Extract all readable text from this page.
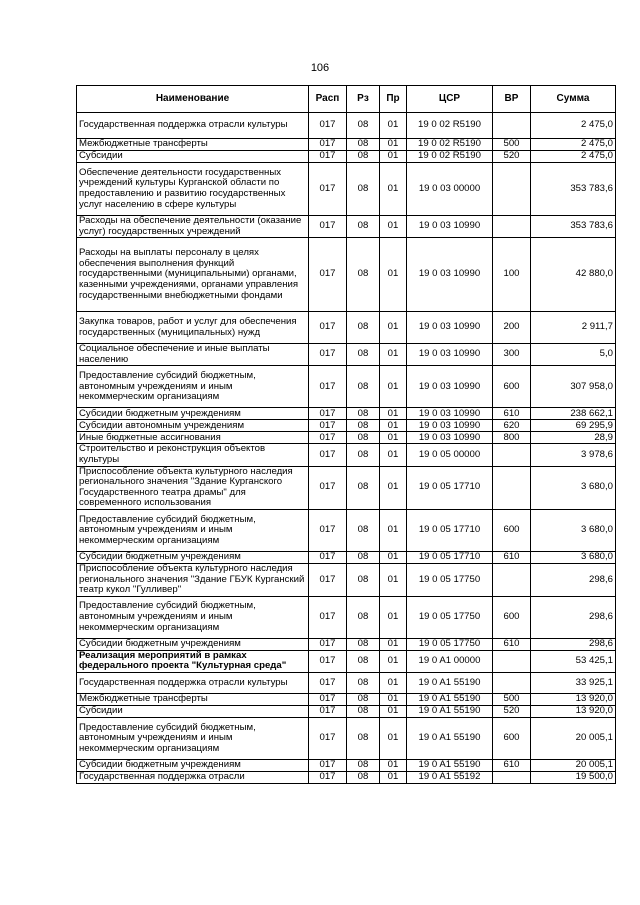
106
Наименование	Расп	Рз	Пр	ЦСР	ВР	Сумма
Государственная поддержка отрасли культуры	017	08	01	19 0 02 R5190		2 475,0
Межбюджетные трансферты	017	08	01	19 0 02 R5190	500	2 475,0
Субсидии	017	08	01	19 0 02 R5190	520	2 475,0
Обеспечение деятельности государственных учреждений культуры Курганской области по предоставлению и развитию государственных услуг населению в сфере культуры	017	08	01	19 0 03 00000		353 783,6
Расходы на обеспечение деятельности (оказание услуг) государственных учреждений	017	08	01	19 0 03 10990		353 783,6
Расходы на выплаты персоналу в целях обеспечения выполнения функций государственными (муниципальными) органами, казенными учреждениями, органами управления государственными внебюджетными фондами	017	08	01	19 0 03 10990	100	42 880,0
Закупка товаров, работ и услуг для обеспечения государственных (муниципальных) нужд	017	08	01	19 0 03 10990	200	2 911,7
Социальное обеспечение и иные выплаты населению	017	08	01	19 0 03 10990	300	5,0
Предоставление субсидий бюджетным, автономным учреждениям и иным некоммерческим организациям	017	08	01	19 0 03 10990	600	307 958,0
Субсидии бюджетным учреждениям	017	08	01	19 0 03 10990	610	238 662,1
Субсидии автономным учреждениям	017	08	01	19 0 03 10990	620	69 295,9
Иные бюджетные ассигнования	017	08	01	19 0 03 10990	800	28,9
Строительство и реконструкция объектов культуры	017	08	01	19 0 05 00000		3 978,6
Приспособление объекта культурного наследия регионального значения "Здание Курганского Государственного театра драмы" для современного использования	017	08	01	19 0 05 17710		3 680,0
Предоставление субсидий бюджетным, автономным учреждениям и иным некоммерческим организациям	017	08	01	19 0 05 17710	600	3 680,0
Субсидии бюджетным учреждениям	017	08	01	19 0 05 17710	610	3 680,0
Приспособление объекта культурного наследия регионального значения "Здание ГБУК Курганский театр кукол "Гулливер"	017	08	01	19 0 05 17750		298,6
Предоставление субсидий бюджетным, автономным учреждениям и иным некоммерческим организациям	017	08	01	19 0 05 17750	600	298,6
Субсидии бюджетным учреждениям	017	08	01	19 0 05 17750	610	298,6
Реализация мероприятий в рамках федерального проекта "Культурная среда"	017	08	01	19 0 A1 00000		53 425,1
Государственная поддержка отрасли культуры	017	08	01	19 0 A1 55190		33 925,1
Межбюджетные трансферты	017	08	01	19 0 A1 55190	500	13 920,0
Субсидии	017	08	01	19 0 A1 55190	520	13 920,0
Предоставление субсидий бюджетным, автономным учреждениям и иным некоммерческим организациям	017	08	01	19 0 A1 55190	600	20 005,1
Субсидии бюджетным учреждениям	017	08	01	19 0 A1 55190	610	20 005,1
Государственная поддержка отрасли	017	08	01	19 0 A1 55192		19 500,0
